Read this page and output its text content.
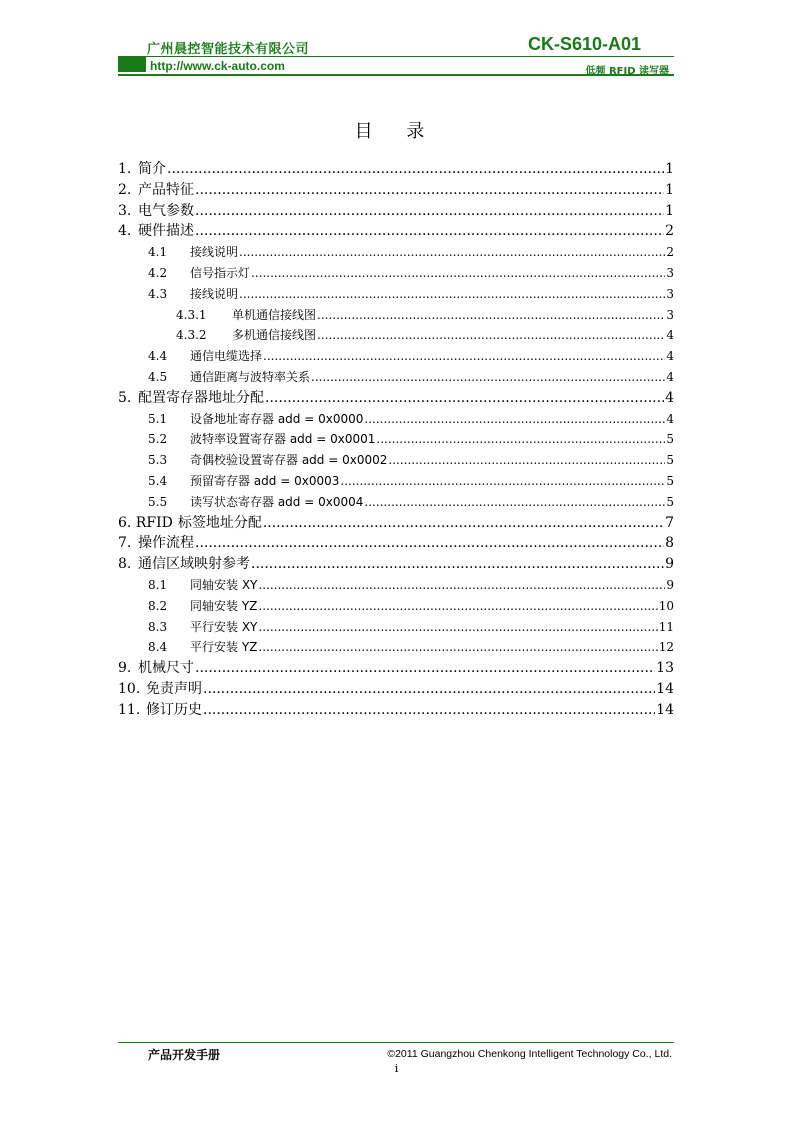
广州晨控智能技术有限公司	CK-S610-A01
http://www.ck-auto.com	低频 RFID 读写器
目 录
1. 简介 .....	1
2. 产品特征 .....	1
3. 电气参数 .....	1
4. 硬件描述 .....	2
4.1	接线说明 .....	2
4.2	信号指示灯 .....	3
4.3	接线说明 .....	3
4.3.1	单机通信接线图 .....	3
4.3.2	多机通信接线图 .....	4
4.4	通信电缆选择 .....	4
4.5	通信距离与波特率关系 .....	4
5. 配置寄存器地址分配 .....	4
5.1	设备地址寄存器 add = 0x0000 .....	4
5.2	波特率设置寄存器 add = 0x0001 .....	5
5.3	奇偶校验设置寄存器 add = 0x0002 .....	5
5.4	预留寄存器 add = 0x0003 .....	5
5.5	读写状态寄存器 add = 0x0004 .....	5
6. RFID 标签地址分配 .....	7
7. 操作流程 .....	8
8. 通信区域映射参考 .....	9
8.1	同轴安装 XY .....	9
8.2	同轴安装 YZ .....	10
8.3	平行安装 XY .....	11
8.4	平行安装 YZ .....	12
9. 机械尺寸 .....	13
10. 免责声明 .....	14
11. 修订历史 .....	14
产品开发手册	©2011 Guangzhou Chenkong Intelligent Technology Co., Ltd.
i
